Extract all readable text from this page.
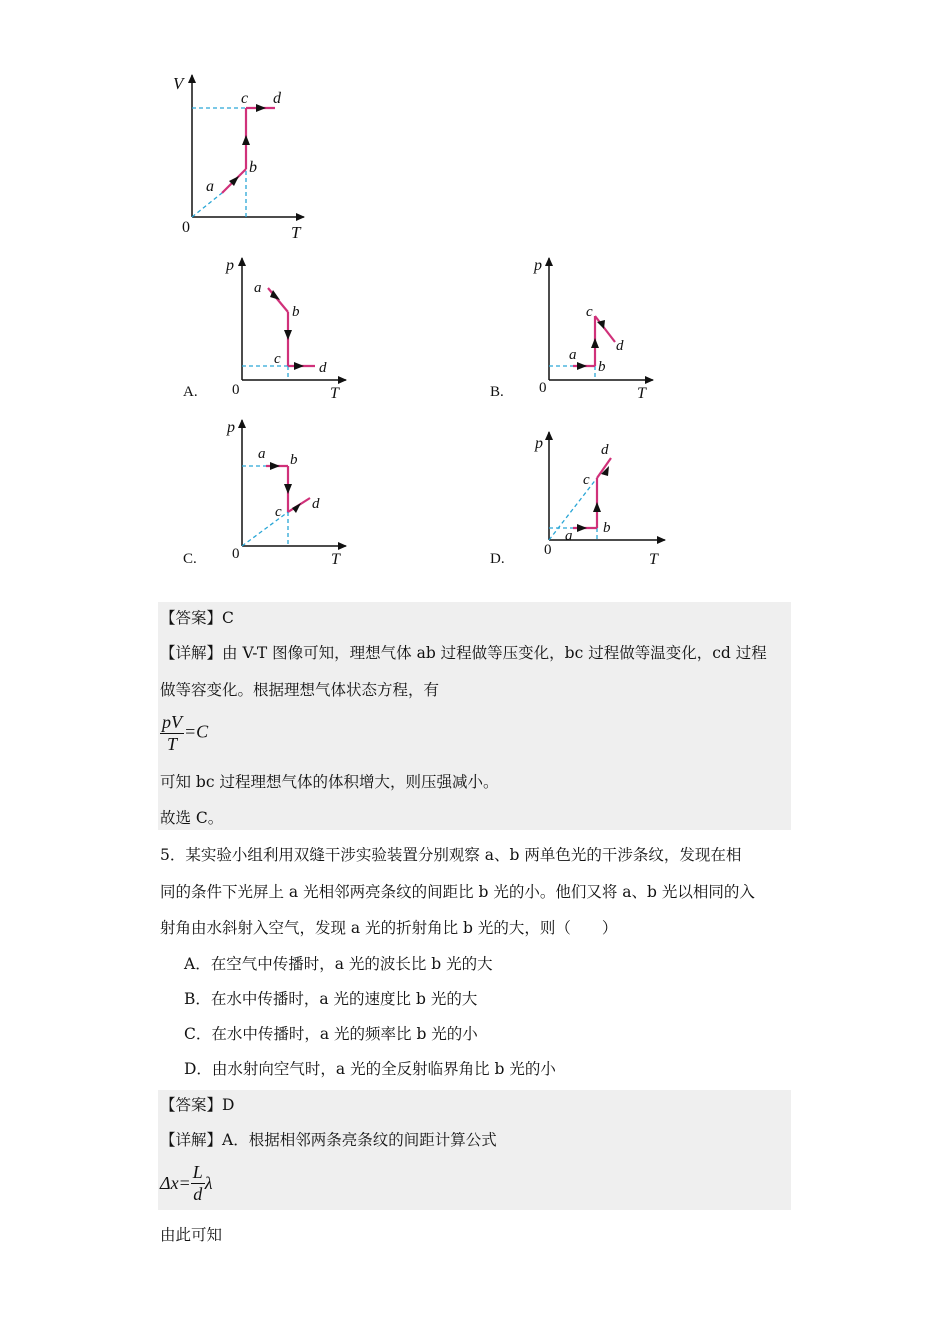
V
T
0
a
b
c d
A.
p
T
0
a
b
c
d
B.
p
T
0
a
b
c
d
C.
p
T
0
a b
c d
D.
p
T
0
a b
c
d
【答案】C
【详解】由 V-T 图像可知，理想气体 ab 过程做等压变化，bc 过程做等温变化，cd 过程
做等容变化。根据理想气体状态方程，有
$\frac{pV}{T} =C$
可知 bc 过程理想气体的体积增大，则压强减小。
故选 C。
5．某实验小组利用双缝干涉实验装置分别观察 a、b 两单色光的干涉条纹，发现在相
同的条件下光屏上 a 光相邻两亮条纹的间距比 b 光的小。他们又将 a、b 光以相同的入
射角由水斜射入空气，发现 a 光的折射角比 b 光的大，则（　　）
A．在空气中传播时，a 光的波长比 b 光的大
B．在水中传播时，a 光的速度比 b 光的大
C．在水中传播时，a 光的频率比 b 光的小
D．由水射向空气时，a 光的全反射临界角比 b 光的小
【答案】D
【详解】A．根据相邻两条亮条纹的间距计算公式
$\Delta x= \frac{L}{d}$ λ
由此可知
